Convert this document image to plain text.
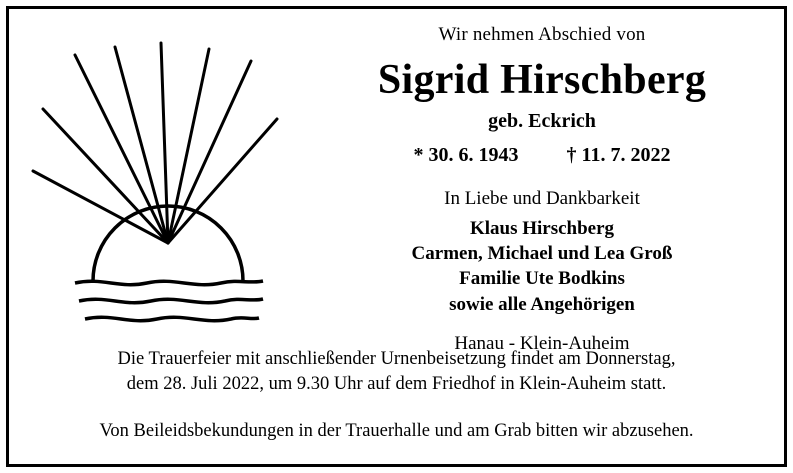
Wir nehmen Abschied von
Sigrid Hirschberg
geb. Eckrich
* 30. 6. 1943 † 11. 7. 2022
In Liebe und Dankbarkeit
Klaus Hirschberg
Carmen, Michael und Lea Groß
Familie Ute Bodkins
sowie alle Angehörigen
Hanau - Klein-Auheim
Die Trauerfeier mit anschließender Urnenbeisetzung findet am Donnerstag,
dem 28. Juli 2022, um 9.30 Uhr auf dem Friedhof in Klein-Auheim statt.
Von Beileidsbekundungen in der Trauerhalle und am Grab bitten wir abzusehen.
